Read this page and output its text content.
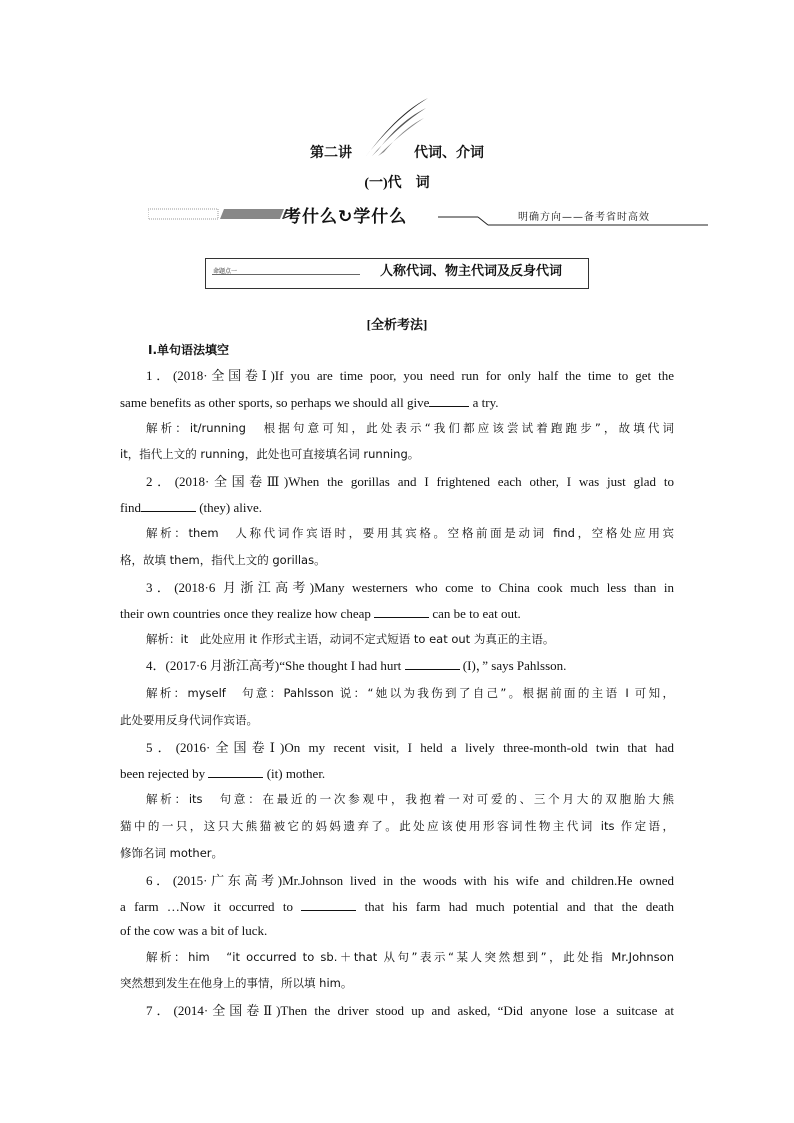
第二讲	代词、介词
(一)代　词
考什么↻学什么	明确方向——备考省时高效
命题点一	人称代词、物主代词及反身代词
[全析考法]
Ⅰ.单句语法填空
1．(2018·全国卷Ⅰ)If you are time poor, you need run for only half the time to get the
same benefits as other sports, so perhaps we should all give	a try.
解析：it/running　根据句意可知，此处表示“我们都应该尝试着跑跑步”，故填代词
it，指代上文的 running，此处也可直接填名词 running。
2．(2018·全国卷Ⅲ)When the gorillas and I frightened each other, I was just glad to
find	(they) alive.
解析：them　人称代词作宾语时，要用其宾格。空格前面是动词 find，空格处应用宾
格，故填 them，指代上文的 gorillas。
3．(2018·6 月浙江高考)Many westerners who come to China cook much less than in
their own countries once they realize how cheap	can be to eat out.
解析：it　此处应用 it 作形式主语，动词不定式短语 to eat out 为真正的主语。
4．(2017·6 月浙江高考)“She thought I had hurt	(I)，” says Pahlsson.
解析：myself　句意：Pahlsson 说：“她以为我伤到了自己”。根据前面的主语 I 可知，
此处要用反身代词作宾语。
5．(2016·全国卷Ⅰ)On my recent visit, I held a lively three-month-old twin that had
been rejected by	(it) mother.
解析：its　句意：在最近的一次参观中，我抱着一对可爱的、三个月大的双胞胎大熊
猫中的一只，这只大熊猫被它的妈妈遗弃了。此处应该使用形容词性物主代词 its 作定语，
修饰名词 mother。
6．(2015·广东高考)Mr.Johnson lived in the woods with his wife and children.He owned
a farm …Now it occurred to	that his farm had much potential and that the death
of the cow was a bit of luck.
解析：him　“it occurred to sb.＋that 从句”表示“某人突然想到”，此处指 Mr.Johnson
突然想到发生在他身上的事情，所以填 him。
7．(2014·全国卷Ⅱ)Then the driver stood up and asked, “Did anyone lose a suitcase at
